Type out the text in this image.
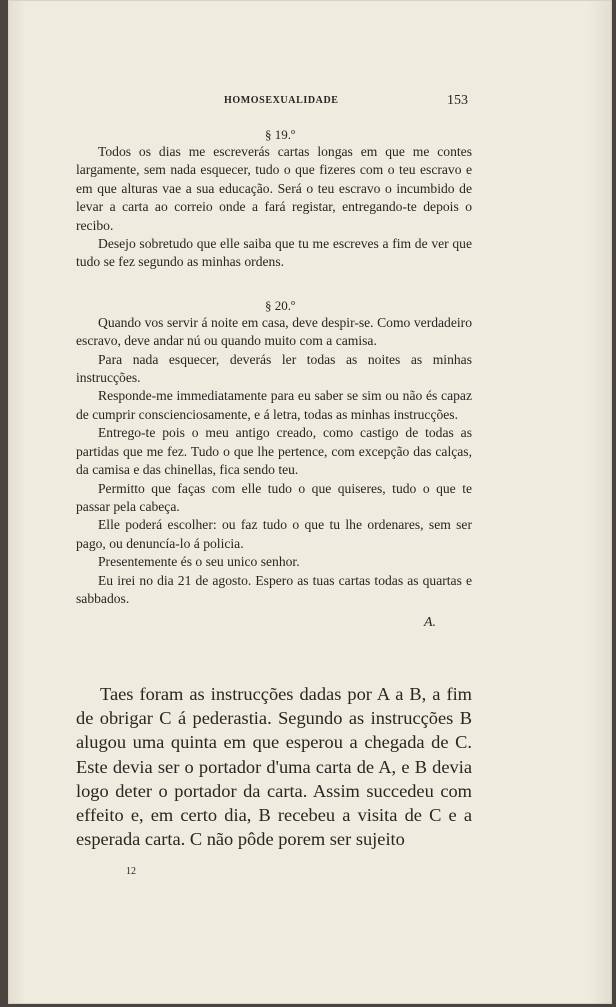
HOMOSEXUALIDADE	153
§ 19.º

Todos os dias me escreverás cartas longas em que me contes largamente, sem nada esquecer, tudo o que fizeres com o teu escravo e em que alturas vae a sua educação. Será o teu escravo o incumbido de levar a carta ao correio onde a fará registar, entregando-te depois o recibo.

Desejo sobretudo que elle saiba que tu me escreves a fim de ver que tudo se fez segundo as minhas ordens.

§ 20.º

Quando vos servir á noite em casa, deve despir-se. Como verdadeiro escravo, deve andar nú ou quando muito com a camisa.

Para nada esquecer, deverás ler todas as noites as minhas instrucções.

Responde-me immediatamente para eu saber se sim ou não és capaz de cumprir conscienciosamente, e á letra, todas as minhas instrucções.

Entrego-te pois o meu antigo creado, como castigo de todas as partidas que me fez. Tudo o que lhe pertence, com excepção das calças, da camisa e das chinellas, fica sendo teu.

Permitto que faças com elle tudo o que quiseres, tudo o que te passar pela cabeça.

Elle poderá escolher: ou faz tudo o que tu lhe ordenares, sem ser pago, ou denuncía-lo á policia.

Presentemente és o seu unico senhor.

Eu irei no dia 21 de agosto. Espero as tuas cartas todas as quartas e sabbados.

A.

Taes foram as instrucções dadas por A a B, a fim de obrigar C á pederastia. Segundo as instrucções B alugou uma quinta em que esperou a chegada de C. Este devia ser o portador d'uma carta de A, e B devia logo deter o portador da carta. Assim succedeu com effeito e, em certo dia, B recebeu a visita de C e a esperada carta. C não pôde porem ser sujeito

12
